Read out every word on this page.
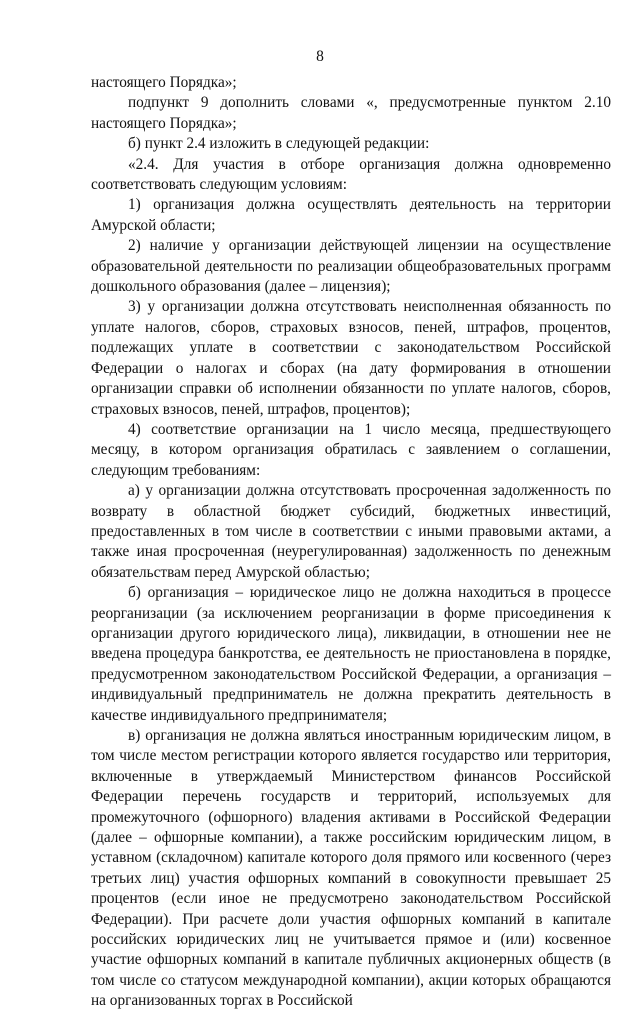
8

настоящего Порядка»;

подпункт 9 дополнить словами «, предусмотренные пунктом 2.10 настоящего Порядка»;

б) пункт 2.4 изложить в следующей редакции:

«2.4. Для участия в отборе организация должна одновременно соответствовать следующим условиям:

1) организация должна осуществлять деятельность на территории Амурской области;

2) наличие у организации действующей лицензии на осуществление образовательной деятельности по реализации общеобразовательных программ дошкольного образования (далее – лицензия);

3) у организации должна отсутствовать неисполненная обязанность по уплате налогов, сборов, страховых взносов, пеней, штрафов, процентов, подлежащих уплате в соответствии с законодательством Российской Федерации о налогах и сборах (на дату формирования в отношении организации справки об исполнении обязанности по уплате налогов, сборов, страховых взносов, пеней, штрафов, процентов);

4) соответствие организации на 1 число месяца, предшествующего месяцу, в котором организация обратилась с заявлением о соглашении, следующим требованиям:

а) у организации должна отсутствовать просроченная задолженность по возврату в областной бюджет субсидий, бюджетных инвестиций, предоставленных в том числе в соответствии с иными правовыми актами, а также иная просроченная (неурегулированная) задолженность по денежным обязательствам перед Амурской областью;

б) организация – юридическое лицо не должна находиться в процессе реорганизации (за исключением реорганизации в форме присоединения к организации другого юридического лица), ликвидации, в отношении нее не введена процедура банкротства, ее деятельность не приостановлена в порядке, предусмотренном законодательством Российской Федерации, а организация – индивидуальный предприниматель не должна прекратить деятельность в качестве индивидуального предпринимателя;

в) организация не должна являться иностранным юридическим лицом, в том числе местом регистрации которого является государство или территория, включенные в утверждаемый Министерством финансов Российской Федерации перечень государств и территорий, используемых для промежуточного (офшорного) владения активами в Российской Федерации (далее – офшорные компании), а также российским юридическим лицом, в уставном (складочном) капитале которого доля прямого или косвенного (через третьих лиц) участия офшорных компаний в совокупности превышает 25 процентов (если иное не предусмотрено законодательством Российской Федерации). При расчете доли участия офшорных компаний в капитале российских юридических лиц не учитывается прямое и (или) косвенное участие офшорных компаний в капитале публичных акционерных обществ (в том числе со статусом международной компании), акции которых обращаются на организованных торгах в Российской
